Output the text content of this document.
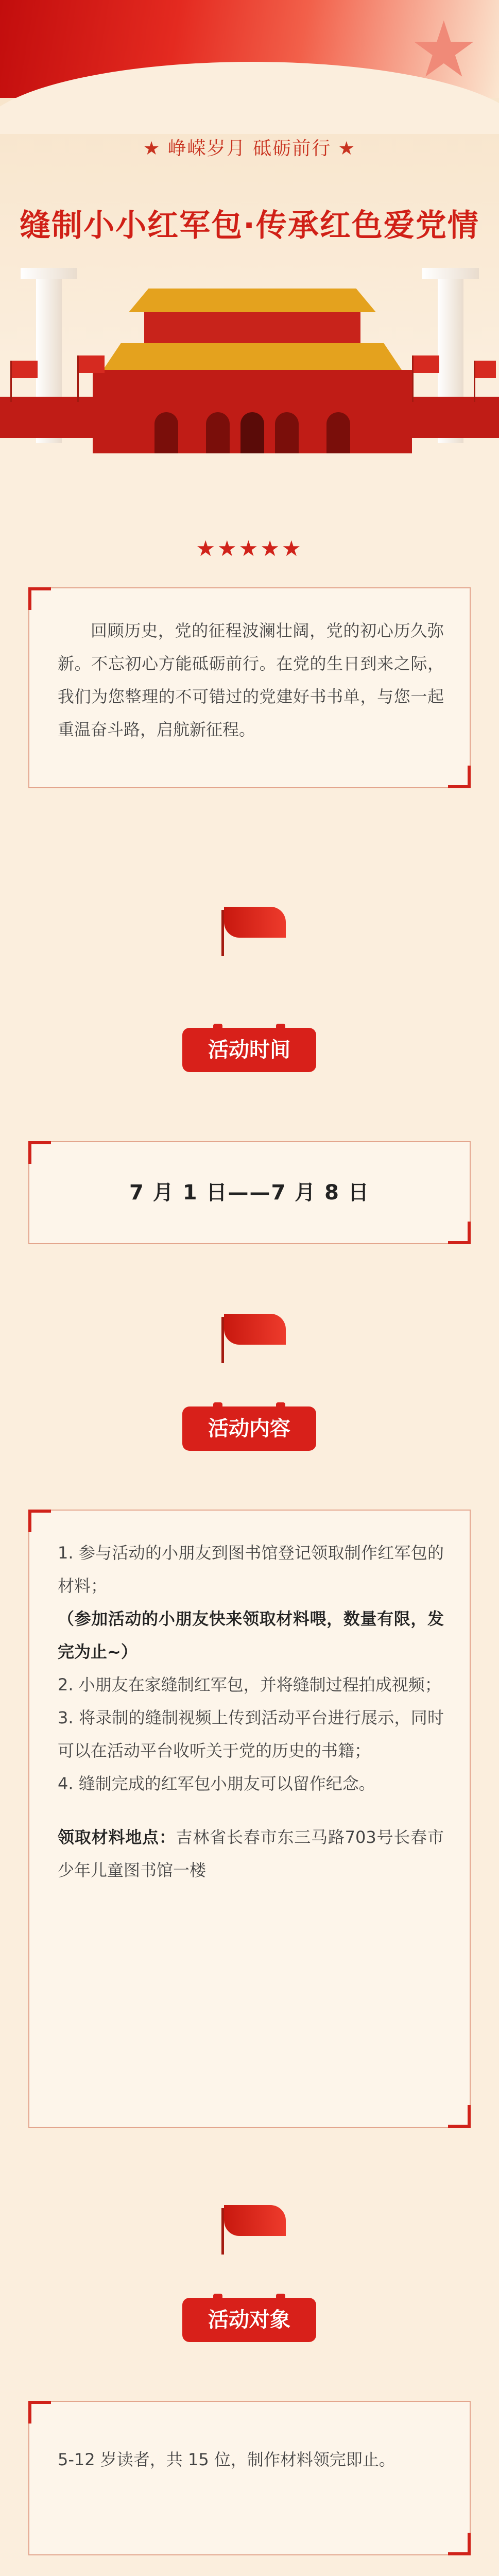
★
★ 峥嵘岁月 砥砺前行 ★
缝制小小红军包·传承红色爱党情
★★★★★
回顾历史，党的征程波澜壮阔，党的初心历久弥新。不忘初心方能砥砺前行。在党的生日到来之际，我们为您整理的不可错过的党建好书书单，与您一起重温奋斗路，启航新征程。
活动时间
7 月 1 日——7 月 8 日
活动内容
1. 参与活动的小朋友到图书馆登记领取制作红军包的材料；
（参加活动的小朋友快来领取材料喂，数量有限，发完为止~）
2. 小朋友在家缝制红军包，并将缝制过程拍成视频；
3. 将录制的缝制视频上传到活动平台进行展示，同时可以在活动平台收听关于党的历史的书籍；
4. 缝制完成的红军包小朋友可以留作纪念。
领取材料地点：吉林省长春市东三马路703号长春市少年儿童图书馆一楼
活动对象
5-12 岁读者，共 15 位，制作材料领完即止。
